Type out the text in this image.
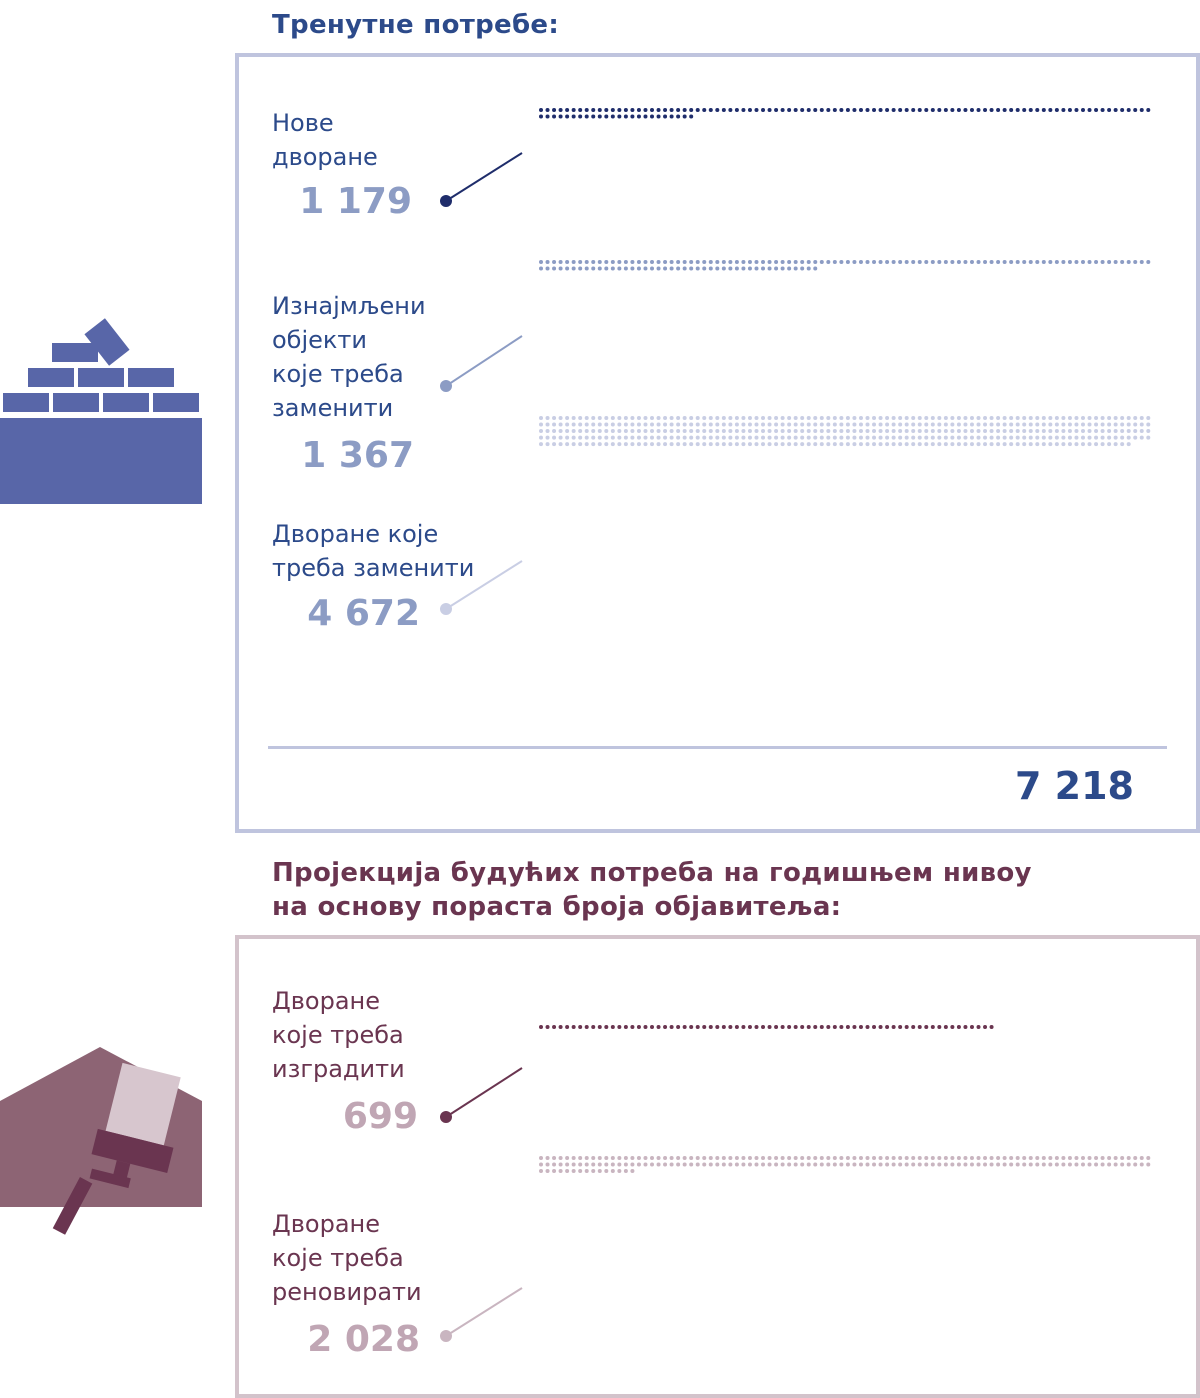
Тренутне потребе:
Пројекција будућих потреба на годишњем нивоу
на основу пораста броја објавитеља:

Нове
дворане

1 179

Изнајмљени
објекти
које треба
заменити

1 367

Дворане које
треба заменити

4 672

7 218

Дворане
које треба
изградити

699

Дворане
које треба
реновирати

2 028
